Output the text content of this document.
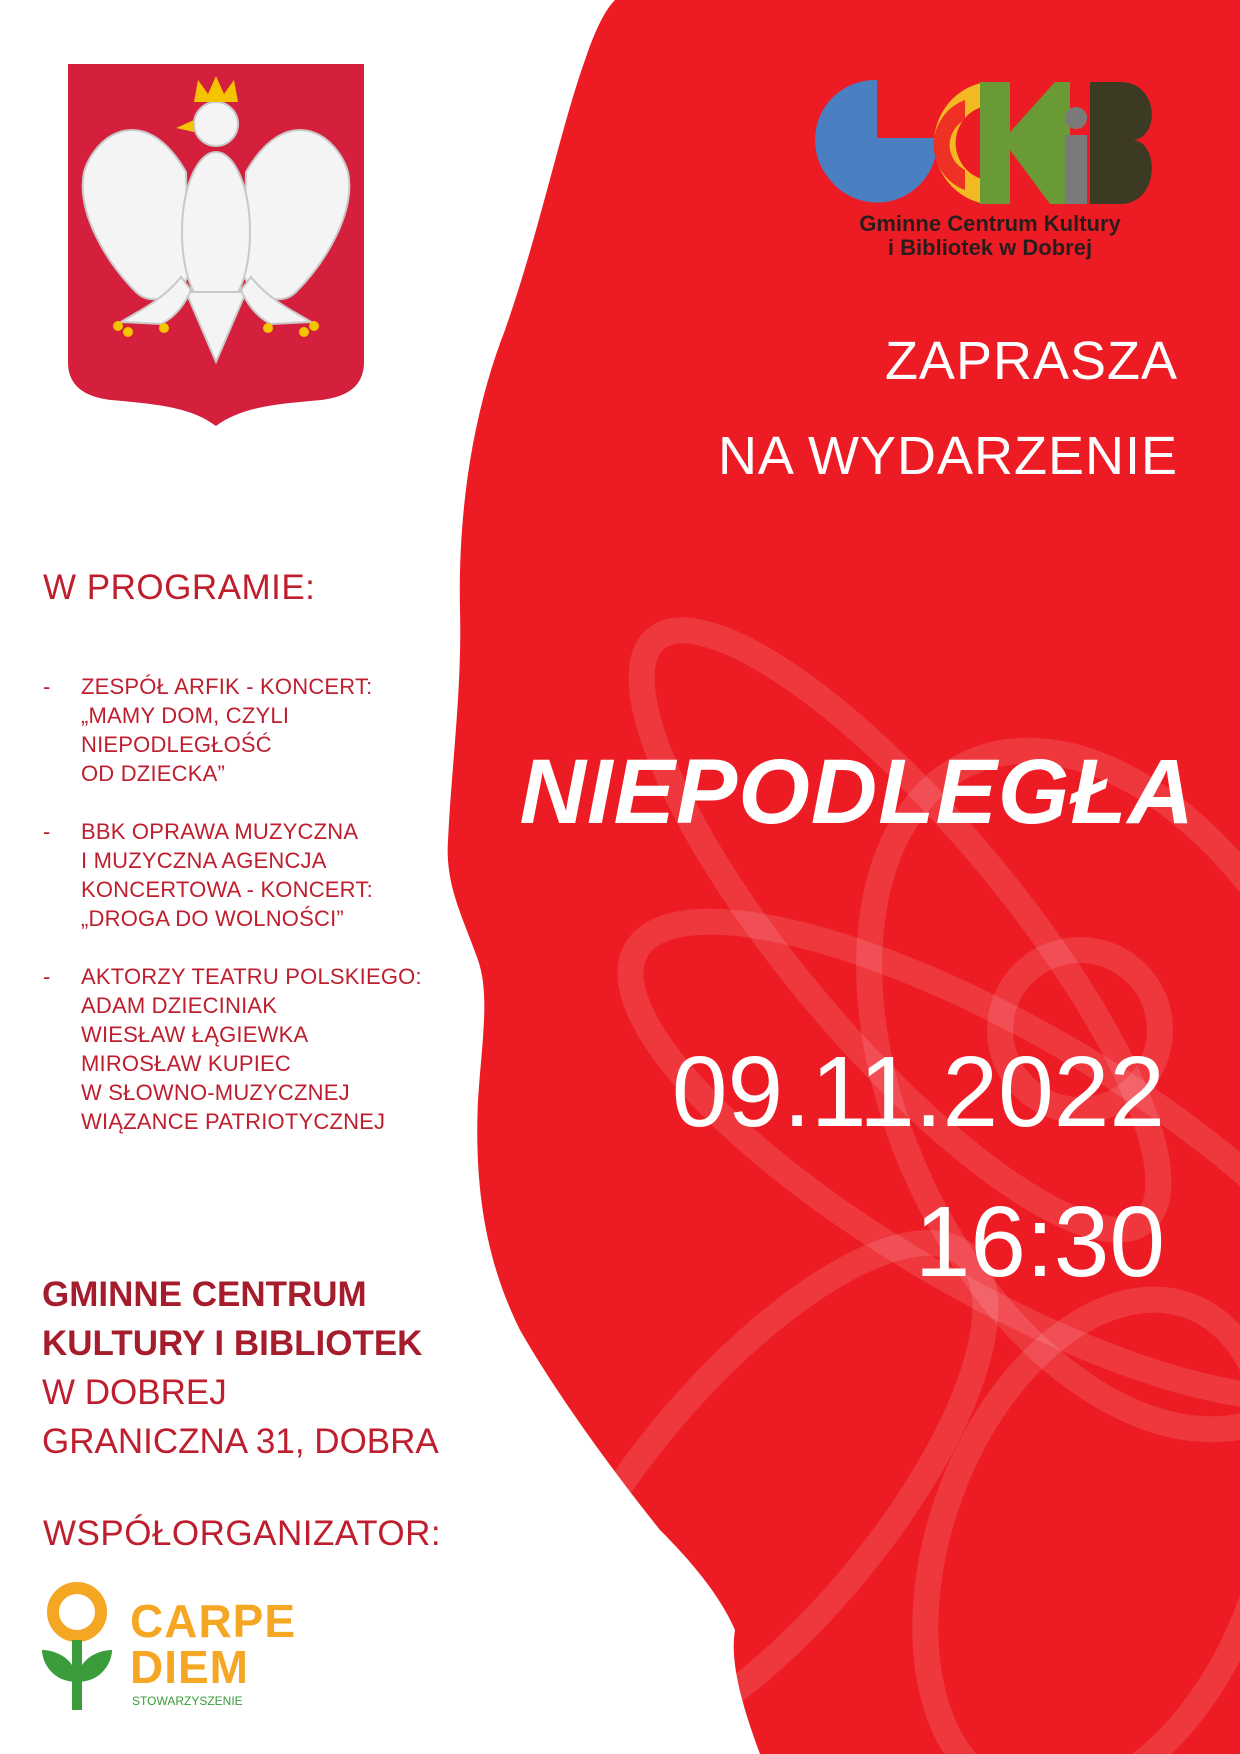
Gminne Centrum Kultury
i Bibliotek w Dobrej
ZAPRASZA
NA WYDARZENIE
NIEPODLEGŁA
09.11.2022
16:30
W PROGRAMIE:
- ZESPÓŁ ARFIK - KONCERT:
„MAMY DOM, CZYLI
NIEPODLEGŁOŚĆ
OD DZIECKA”
- BBK OPRAWA MUZYCZNA
I MUZYCZNA AGENCJA
KONCERTOWA - KONCERT:
„DROGA DO WOLNOŚCI”
- AKTORZY TEATRU POLSKIEGO:
ADAM DZIECINIAK
WIESŁAW ŁĄGIEWKA
MIROSŁAW KUPIEC
W SŁOWNO-MUZYCZNEJ
WIĄZANCE PATRIOTYCZNEJ
GMINNE CENTRUM
KULTURY I BIBLIOTEK
W DOBREJ
GRANICZNA 31, DOBRA
WSPÓŁORGANIZATOR:
CARPE
DIEM
STOWARZYSZENIE
